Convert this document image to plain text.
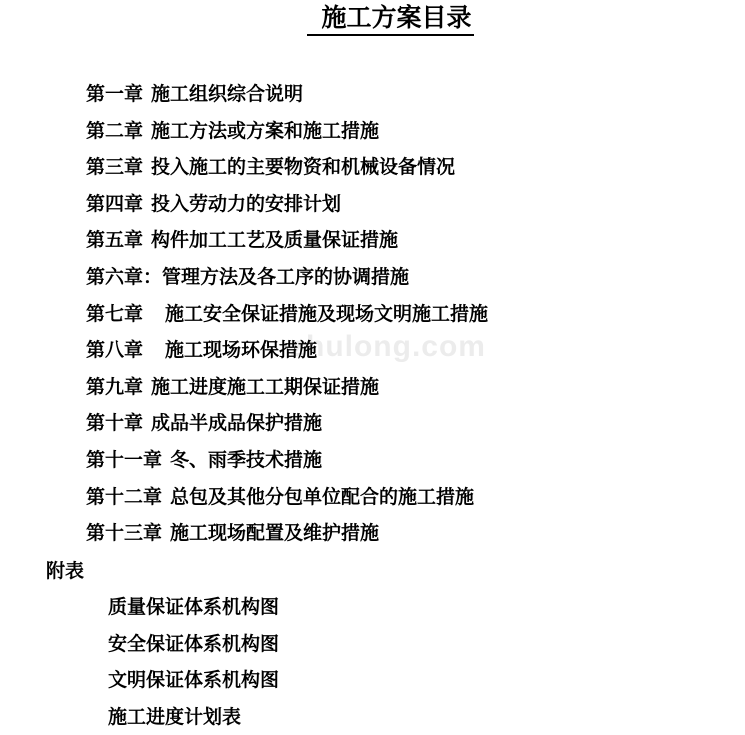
施工方案目录
zhulong.com
第一章 施工组织综合说明
第二章 施工方法或方案和施工措施
第三章 投入施工的主要物资和机械设备情况
第四章 投入劳动力的安排计划
第五章 构件加工工艺及质量保证措施
第六章：管理方法及各工序的协调措施
第七章 施工安全保证措施及现场文明施工措施
第八章 施工现场环保措施
第九章 施工进度施工工期保证措施
第十章 成品半成品保护措施
第十一章 冬、雨季技术措施
第十二章 总包及其他分包单位配合的施工措施
第十三章 施工现场配置及维护措施
附表
质量保证体系机构图
安全保证体系机构图
文明保证体系机构图
施工进度计划表
